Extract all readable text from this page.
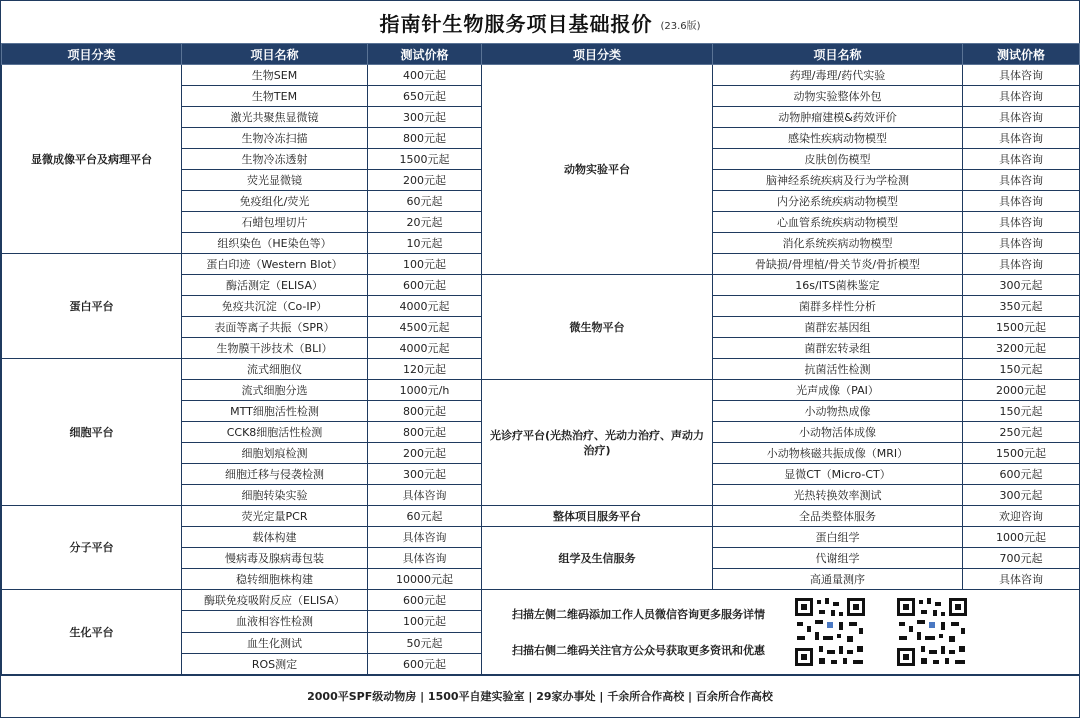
指南针生物服务项目基础报价 (23.6版)
项目分类	项目名称	测试价格	项目分类	项目名称	测试价格
显微成像平台及病理平台	生物SEM	400元起	动物实验平台	药理/毒理/药代实验	具体咨询
	生物TEM	650元起		动物实验整体外包	具体咨询
	激光共聚焦显微镜	300元起		动物肿瘤建模&药效评价	具体咨询
	生物冷冻扫描	800元起		感染性疾病动物模型	具体咨询
	生物冷冻透射	1500元起		皮肤创伤模型	具体咨询
	荧光显微镜	200元起		脑神经系统疾病及行为学检测	具体咨询
	免疫组化/荧光	60元起		内分泌系统疾病动物模型	具体咨询
	石蜡包埋切片	20元起		心血管系统疾病动物模型	具体咨询
	组织染色（HE染色等）	10元起		消化系统疾病动物模型	具体咨询
蛋白平台	蛋白印迹（Western Blot）	100元起		骨缺损/骨埋植/骨关节炎/骨折模型	具体咨询
	酶活测定（ELISA）	600元起	微生物平台	16s/ITS菌株鉴定	300元起
	免疫共沉淀（Co-IP）	4000元起		菌群多样性分析	350元起
	表面等离子共振（SPR）	4500元起		菌群宏基因组	1500元起
	生物膜干涉技术（BLI）	4000元起		菌群宏转录组	3200元起
细胞平台	流式细胞仪	120元起		抗菌活性检测	150元起
	流式细胞分选	1000元/h	光诊疗平台(光热治疗、光动力治疗、声动力治疗)	光声成像（PAI）	2000元起
	MTT细胞活性检测	800元起		小动物热成像	150元起
	CCK8细胞活性检测	800元起		小动物活体成像	250元起
	细胞划痕检测	200元起		小动物核磁共振成像（MRI）	1500元起
	细胞迁移与侵袭检测	300元起		显微CT（Micro-CT）	600元起
	细胞转染实验	具体咨询		光热转换效率测试	300元起
分子平台	荧光定量PCR	60元起	整体项目服务平台	全品类整体服务	欢迎咨询
	载体构建	具体咨询	组学及生信服务	蛋白组学	1000元起
	慢病毒及腺病毒包装	具体咨询		代谢组学	700元起
	稳转细胞株构建	10000元起		高通量测序	具体咨询
生化平台	酶联免疫吸附反应（ELISA）	600元起	扫描左侧二维码添加工作人员微信咨询更多服务详情
扫描右侧二维码关注官方公众号获取更多资讯和优惠		

	血液相容性检测	100元起			
	血生化测试	50元起			
	ROS测定	600元起			
2000平SPF级动物房 | 1500平自建实验室 | 29家办事处 | 千余所合作高校 | 百余所合作高校
